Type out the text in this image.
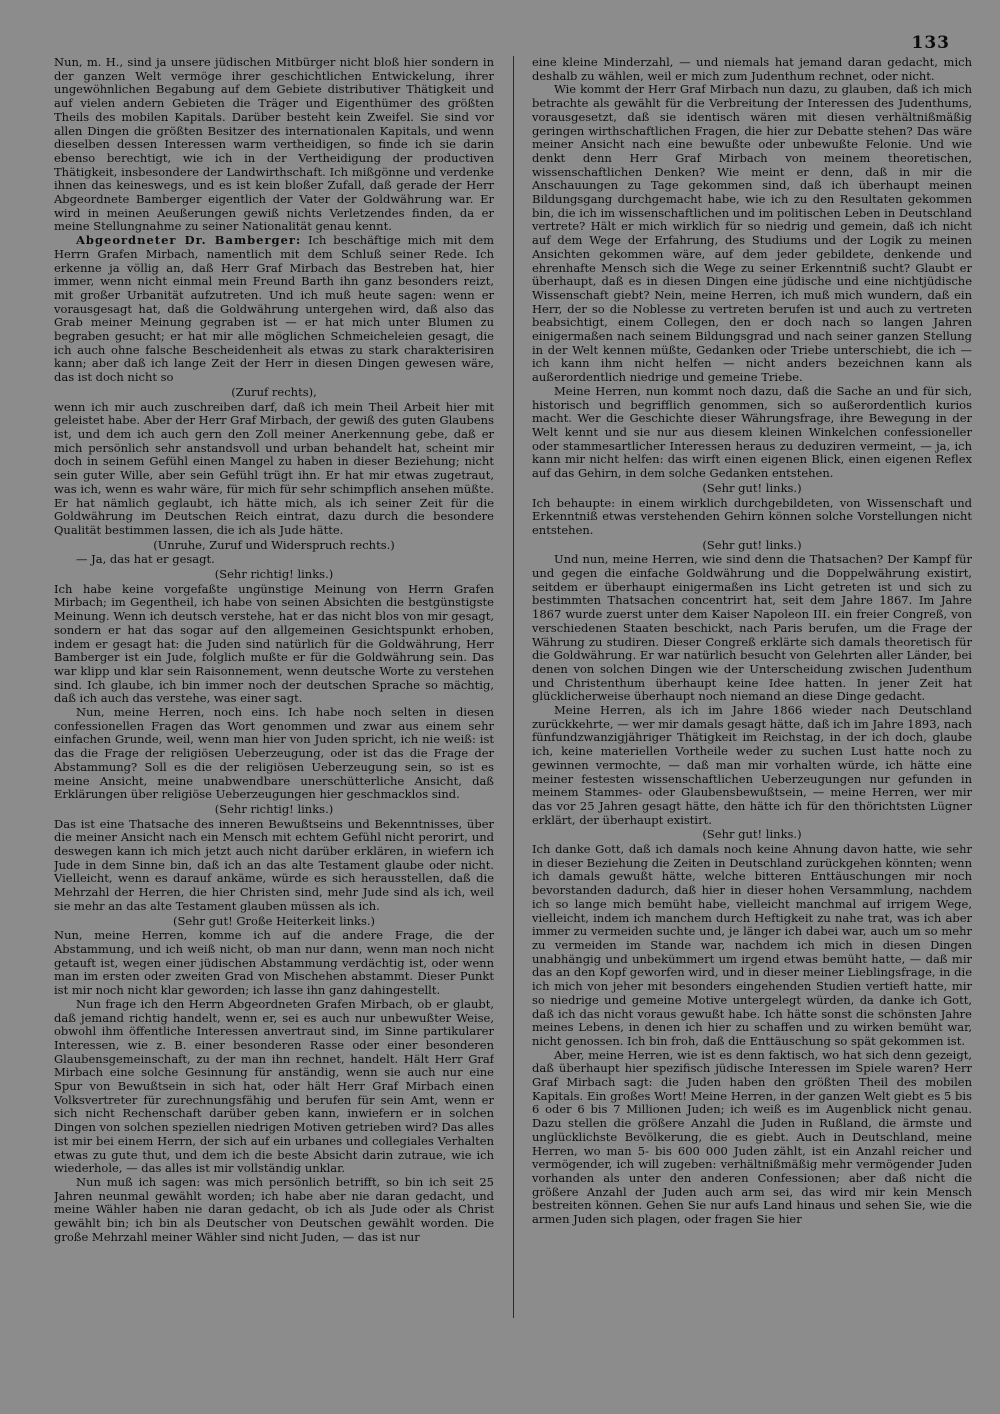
133

Nun, m. H., sind ja unsere jüdischen Mitbürger nicht bloß hier sondern in der ganzen Welt vermöge ihrer geschichtlichen Entwickelung, ihrer ungewöhnlichen Begabung auf dem Gebiete distributiver Thätigkeit und auf vielen andern Gebieten die Träger und Eigenthümer des größten Theils des mobilen Kapitals. Darüber besteht kein Zweifel. Sie sind vor allen Dingen die größten Besitzer des internationalen Kapitals, und wenn dieselben dessen Interessen warm vertheidigen, so finde ich sie darin ebenso berechtigt, wie ich in der Vertheidigung der productiven Thätigkeit, insbesondere der Landwirthschaft. Ich mißgönne und verdenke ihnen das keineswegs, und es ist kein bloßer Zufall, daß gerade der Herr Abgeordnete Bamberger eigentlich der Vater der Goldwährung war. Er wird in meinen Aeußerungen gewiß nichts Verletzendes finden, da er meine Stellungnahme zu seiner Nationalität genau kennt.

Abgeordneter Dr. Bamberger: Ich beschäftige mich mit dem Herrn Grafen Mirbach, namentlich mit dem Schluß seiner Rede. Ich erkenne ja völlig an, daß Herr Graf Mirbach das Bestreben hat, hier immer, wenn nicht einmal mein Freund Barth ihn ganz besonders reizt, mit großer Urbanität aufzutreten. Und ich muß heute sagen: wenn er vorausgesagt hat, daß die Goldwährung untergehen wird, daß also das Grab meiner Meinung gegraben ist — er hat mich unter Blumen zu begraben gesucht; er hat mir alle möglichen Schmeicheleien gesagt, die ich auch ohne falsche Bescheidenheit als etwas zu stark charakterisiren kann; aber daß ich lange Zeit der Herr in diesen Dingen gewesen wäre, das ist doch nicht so

(Zuruf rechts),

wenn ich mir auch zuschreiben darf, daß ich mein Theil Arbeit hier mit geleistet habe. Aber der Herr Graf Mirbach, der gewiß des guten Glaubens ist, und dem ich auch gern den Zoll meiner Anerkennung gebe, daß er mich persönlich sehr anstandsvoll und urban behandelt hat, scheint mir doch in seinem Gefühl einen Mangel zu haben in dieser Beziehung; nicht sein guter Wille, aber sein Gefühl trügt ihn. Er hat mir etwas zugetraut, was ich, wenn es wahr wäre, für mich für sehr schimpflich ansehen müßte. Er hat nämlich geglaubt, ich hätte mich, als ich seiner Zeit für die Goldwährung im Deutschen Reich eintrat, dazu durch die besondere Qualität bestimmen lassen, die ich als Jude hätte.

(Unruhe, Zuruf und Widerspruch rechts.)

— Ja, das hat er gesagt.

(Sehr richtig! links.)

Ich habe keine vorgefaßte ungünstige Meinung von Herrn Grafen Mirbach; im Gegentheil, ich habe von seinen Absichten die bestgünstigste Meinung. Wenn ich deutsch verstehe, hat er das nicht blos von mir gesagt, sondern er hat das sogar auf den allgemeinen Gesichtspunkt erhoben, indem er gesagt hat: die Juden sind natürlich für die Goldwährung, Herr Bamberger ist ein Jude, folglich mußte er für die Goldwährung sein. Das war klipp und klar sein Raisonnement, wenn deutsche Worte zu verstehen sind. Ich glaube, ich bin immer noch der deutschen Sprache so mächtig, daß ich auch das verstehe, was einer sagt.

Nun, meine Herren, noch eins. Ich habe noch selten in diesen confessionellen Fragen das Wort genommen und zwar aus einem sehr einfachen Grunde, weil, wenn man hier von Juden spricht, ich nie weiß: ist das die Frage der religiösen Ueberzeugung, oder ist das die Frage der Abstammung? Soll es die der religiösen Ueberzeugung sein, so ist es meine Ansicht, meine unabwendbare unerschütterliche Ansicht, daß Erklärungen über religiöse Ueberzeugungen hier geschmacklos sind.

(Sehr richtig! links.)

Das ist eine Thatsache des inneren Bewußtseins und Bekenntnisses, über die meiner Ansicht nach ein Mensch mit echtem Gefühl nicht perorirt, und deswegen kann ich mich jetzt auch nicht darüber erklären, in wiefern ich Jude in dem Sinne bin, daß ich an das alte Testament glaube oder nicht. Vielleicht, wenn es darauf ankäme, würde es sich herausstellen, daß die Mehrzahl der Herren, die hier Christen sind, mehr Jude sind als ich, weil sie mehr an das alte Testament glauben müssen als ich.

(Sehr gut! Große Heiterkeit links.)

Nun, meine Herren, komme ich auf die andere Frage, die der Abstammung, und ich weiß nicht, ob man nur dann, wenn man noch nicht getauft ist, wegen einer jüdischen Abstammung verdächtig ist, oder wenn man im ersten oder zweiten Grad von Mischehen abstammt. Dieser Punkt ist mir noch nicht klar geworden; ich lasse ihn ganz dahingestellt.

Nun frage ich den Herrn Abgeordneten Grafen Mirbach, ob er glaubt, daß jemand richtig handelt, wenn er, sei es auch nur unbewußter Weise, obwohl ihm öffentliche Interessen anvertraut sind, im Sinne partikularer Interessen, wie z. B. einer besonderen Rasse oder einer besonderen Glaubensgemeinschaft, zu der man ihn rechnet, handelt. Hält Herr Graf Mirbach eine solche Gesinnung für anständig, wenn sie auch nur eine Spur von Bewußtsein in sich hat, oder hält Herr Graf Mirbach einen Volksvertreter für zurechnungsfähig und berufen für sein Amt, wenn er sich nicht Rechenschaft darüber geben kann, inwiefern er in solchen Dingen von solchen speziellen niedrigen Motiven getrieben wird? Das alles ist mir bei einem Herrn, der sich auf ein urbanes und collegiales Verhalten etwas zu gute thut, und dem ich die beste Absicht darin zutraue, wie ich wiederhole, — das alles ist mir vollständig unklar.

Nun muß ich sagen: was mich persönlich betrifft, so bin ich seit 25 Jahren neunmal gewählt worden; ich habe aber nie daran gedacht, und meine Wähler haben nie daran gedacht, ob ich als Jude oder als Christ gewählt bin; ich bin als Deutscher von Deutschen gewählt worden. Die große Mehrzahl meiner Wähler sind nicht Juden, — das ist nur

eine kleine Minderzahl, — und niemals hat jemand daran gedacht, mich deshalb zu wählen, weil er mich zum Judenthum rechnet, oder nicht.

Wie kommt der Herr Graf Mirbach nun dazu, zu glauben, daß ich mich betrachte als gewählt für die Verbreitung der Interessen des Judenthums, vorausgesetzt, daß sie identisch wären mit diesen verhältnißmäßig geringen wirthschaftlichen Fragen, die hier zur Debatte stehen? Das wäre meiner Ansicht nach eine bewußte oder unbewußte Felonie. Und wie denkt denn Herr Graf Mirbach von meinem theoretischen, wissenschaftlichen Denken? Wie meint er denn, daß in mir die Anschauungen zu Tage gekommen sind, daß ich überhaupt meinen Bildungsgang durchgemacht habe, wie ich zu den Resultaten gekommen bin, die ich im wissenschaftlichen und im politischen Leben in Deutschland vertrete? Hält er mich wirklich für so niedrig und gemein, daß ich nicht auf dem Wege der Erfahrung, des Studiums und der Logik zu meinen Ansichten gekommen wäre, auf dem jeder gebildete, denkende und ehrenhafte Mensch sich die Wege zu seiner Erkenntniß sucht? Glaubt er überhaupt, daß es in diesen Dingen eine jüdische und eine nichtjüdische Wissenschaft giebt? Nein, meine Herren, ich muß mich wundern, daß ein Herr, der so die Noblesse zu vertreten berufen ist und auch zu vertreten beabsichtigt, einem Collegen, den er doch nach so langen Jahren einigermaßen nach seinem Bildungsgrad und nach seiner ganzen Stellung in der Welt kennen müßte, Gedanken oder Triebe unterschiebt, die ich — ich kann ihm nicht helfen — nicht anders bezeichnen kann als außerordentlich niedrige und gemeine Triebe.

Meine Herren, nun kommt noch dazu, daß die Sache an und für sich, historisch und begrifflich genommen, sich so außerordentlich kurios macht. Wer die Geschichte dieser Währungsfrage, ihre Bewegung in der Welt kennt und sie nur aus diesem kleinen Winkelchen confessioneller oder stammesartlicher Interessen heraus zu deduziren vermeint, — ja, ich kann mir nicht helfen: das wirft einen eigenen Blick, einen eigenen Reflex auf das Gehirn, in dem solche Gedanken entstehen.

(Sehr gut! links.)

Ich behaupte: in einem wirklich durchgebildeten, von Wissenschaft und Erkenntniß etwas verstehenden Gehirn können solche Vorstellungen nicht entstehen.

(Sehr gut! links.)

Und nun, meine Herren, wie sind denn die Thatsachen? Der Kampf für und gegen die einfache Goldwährung und die Doppelwährung existirt, seitdem er überhaupt einigermaßen ins Licht getreten ist und sich zu bestimmten Thatsachen concentrirt hat, seit dem Jahre 1867. Im Jahre 1867 wurde zuerst unter dem Kaiser Napoleon III. ein freier Congreß, von verschiedenen Staaten beschickt, nach Paris berufen, um die Frage der Währung zu studiren. Dieser Congreß erklärte sich damals theoretisch für die Goldwährung. Er war natürlich besucht von Gelehrten aller Länder, bei denen von solchen Dingen wie der Unterscheidung zwischen Judenthum und Christenthum überhaupt keine Idee hatten. In jener Zeit hat glücklicherweise überhaupt noch niemand an diese Dinge gedacht.

Meine Herren, als ich im Jahre 1866 wieder nach Deutschland zurückkehrte, — wer mir damals gesagt hätte, daß ich im Jahre 1893, nach fünfundzwanzigjähriger Thätigkeit im Reichstag, in der ich doch, glaube ich, keine materiellen Vortheile weder zu suchen Lust hatte noch zu gewinnen vermochte, — daß man mir vorhalten würde, ich hätte eine meiner festesten wissenschaftlichen Ueberzeugungen nur gefunden in meinem Stammes- oder Glaubensbewußtsein, — meine Herren, wer mir das vor 25 Jahren gesagt hätte, den hätte ich für den thörichtsten Lügner erklärt, der überhaupt existirt.

(Sehr gut! links.)

Ich danke Gott, daß ich damals noch keine Ahnung davon hatte, wie sehr in dieser Beziehung die Zeiten in Deutschland zurückgehen könnten; wenn ich damals gewußt hätte, welche bitteren Enttäuschungen mir noch bevorstanden dadurch, daß hier in dieser hohen Versammlung, nachdem ich so lange mich bemüht habe, vielleicht manchmal auf irrigem Wege, vielleicht, indem ich manchem durch Heftigkeit zu nahe trat, was ich aber immer zu vermeiden suchte und, je länger ich dabei war, auch um so mehr zu vermeiden im Stande war, nachdem ich mich in diesen Dingen unabhängig und unbekümmert um irgend etwas bemüht hatte, — daß mir das an den Kopf geworfen wird, und in dieser meiner Lieblingsfrage, in die ich mich von jeher mit besonders eingehenden Studien vertieft hatte, mir so niedrige und gemeine Motive untergelegt würden, da danke ich Gott, daß ich das nicht voraus gewußt habe. Ich hätte sonst die schönsten Jahre meines Lebens, in denen ich hier zu schaffen und zu wirken bemüht war, nicht genossen. Ich bin froh, daß die Enttäuschung so spät gekommen ist.

Aber, meine Herren, wie ist es denn faktisch, wo hat sich denn gezeigt, daß überhaupt hier spezifisch jüdische Interessen im Spiele waren? Herr Graf Mirbach sagt: die Juden haben den größten Theil des mobilen Kapitals. Ein großes Wort! Meine Herren, in der ganzen Welt giebt es 5 bis 6 oder 6 bis 7 Millionen Juden; ich weiß es im Augenblick nicht genau. Dazu stellen die größere Anzahl die Juden in Rußland, die ärmste und unglücklichste Bevölkerung, die es giebt. Auch in Deutschland, meine Herren, wo man 5- bis 600 000 Juden zählt, ist ein Anzahl reicher und vermögender, ich will zugeben: verhältnißmäßig mehr vermögender Juden vorhanden als unter den anderen Confessionen; aber daß nicht die größere Anzahl der Juden auch arm sei, das wird mir kein Mensch bestreiten können. Gehen Sie nur aufs Land hinaus und sehen Sie, wie die armen Juden sich plagen, oder fragen Sie hier
